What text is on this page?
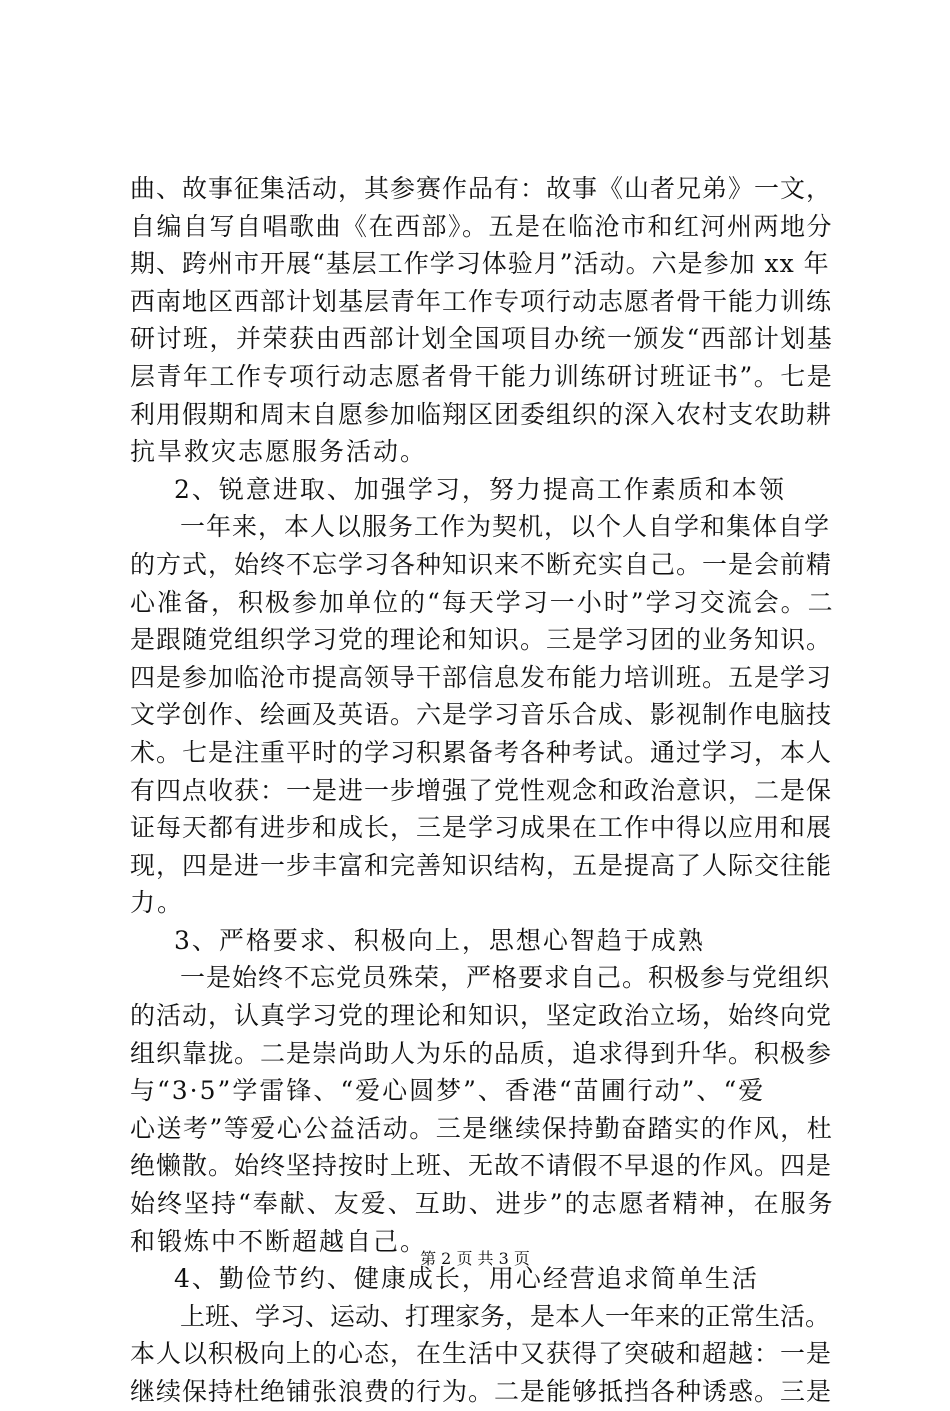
曲、故事征集活动，其参赛作品有：故事《山者兄弟》一文，
自编自写自唱歌曲《在西部》。五是在临沧市和红河州两地分
期、跨州市开展“基层工作学习体验月”活动。六是参加 xx 年
西南地区西部计划基层青年工作专项行动志愿者骨干能力训练
研讨班，并荣获由西部计划全国项目办统一颁发“西部计划基
层青年工作专项行动志愿者骨干能力训练研讨班证书”。七是
利用假期和周末自愿参加临翔区团委组织的深入农村支农助耕
抗旱救灾志愿服务活动。
2、锐意进取、加强学习，努力提高工作素质和本领
一年来，本人以服务工作为契机，以个人自学和集体自学
的方式，始终不忘学习各种知识来不断充实自己。一是会前精
心准备，积极参加单位的“每天学习一小时”学习交流会。二
是跟随党组织学习党的理论和知识。三是学习团的业务知识。
四是参加临沧市提高领导干部信息发布能力培训班。五是学习
文学创作、绘画及英语。六是学习音乐合成、影视制作电脑技
术。七是注重平时的学习积累备考各种考试。通过学习，本人
有四点收获：一是进一步增强了党性观念和政治意识，二是保
证每天都有进步和成长，三是学习成果在工作中得以应用和展
现，四是进一步丰富和完善知识结构，五是提高了人际交往能
力。
3、严格要求、积极向上，思想心智趋于成熟
一是始终不忘党员殊荣，严格要求自己。积极参与党组织
的活动，认真学习党的理论和知识，坚定政治立场，始终向党
组织靠拢。二是崇尚助人为乐的品质，追求得到升华。积极参
与“3·5”学雷锋、“爱心圆梦”、香港“苗圃行动”、“爱
心送考”等爱心公益活动。三是继续保持勤奋踏实的作风，杜
绝懒散。始终坚持按时上班、无故不请假不早退的作风。四是
始终坚持“奉献、友爱、互助、进步”的志愿者精神，在服务
和锻炼中不断超越自己。
4、勤俭节约、健康成长，用心经营追求简单生活
上班、学习、运动、打理家务，是本人一年来的正常生活。
本人以积极向上的心态，在生活中又获得了突破和超越：一是
继续保持杜绝铺张浪费的行为。二是能够抵挡各种诱惑。三是
第 2 页 共 3 页
